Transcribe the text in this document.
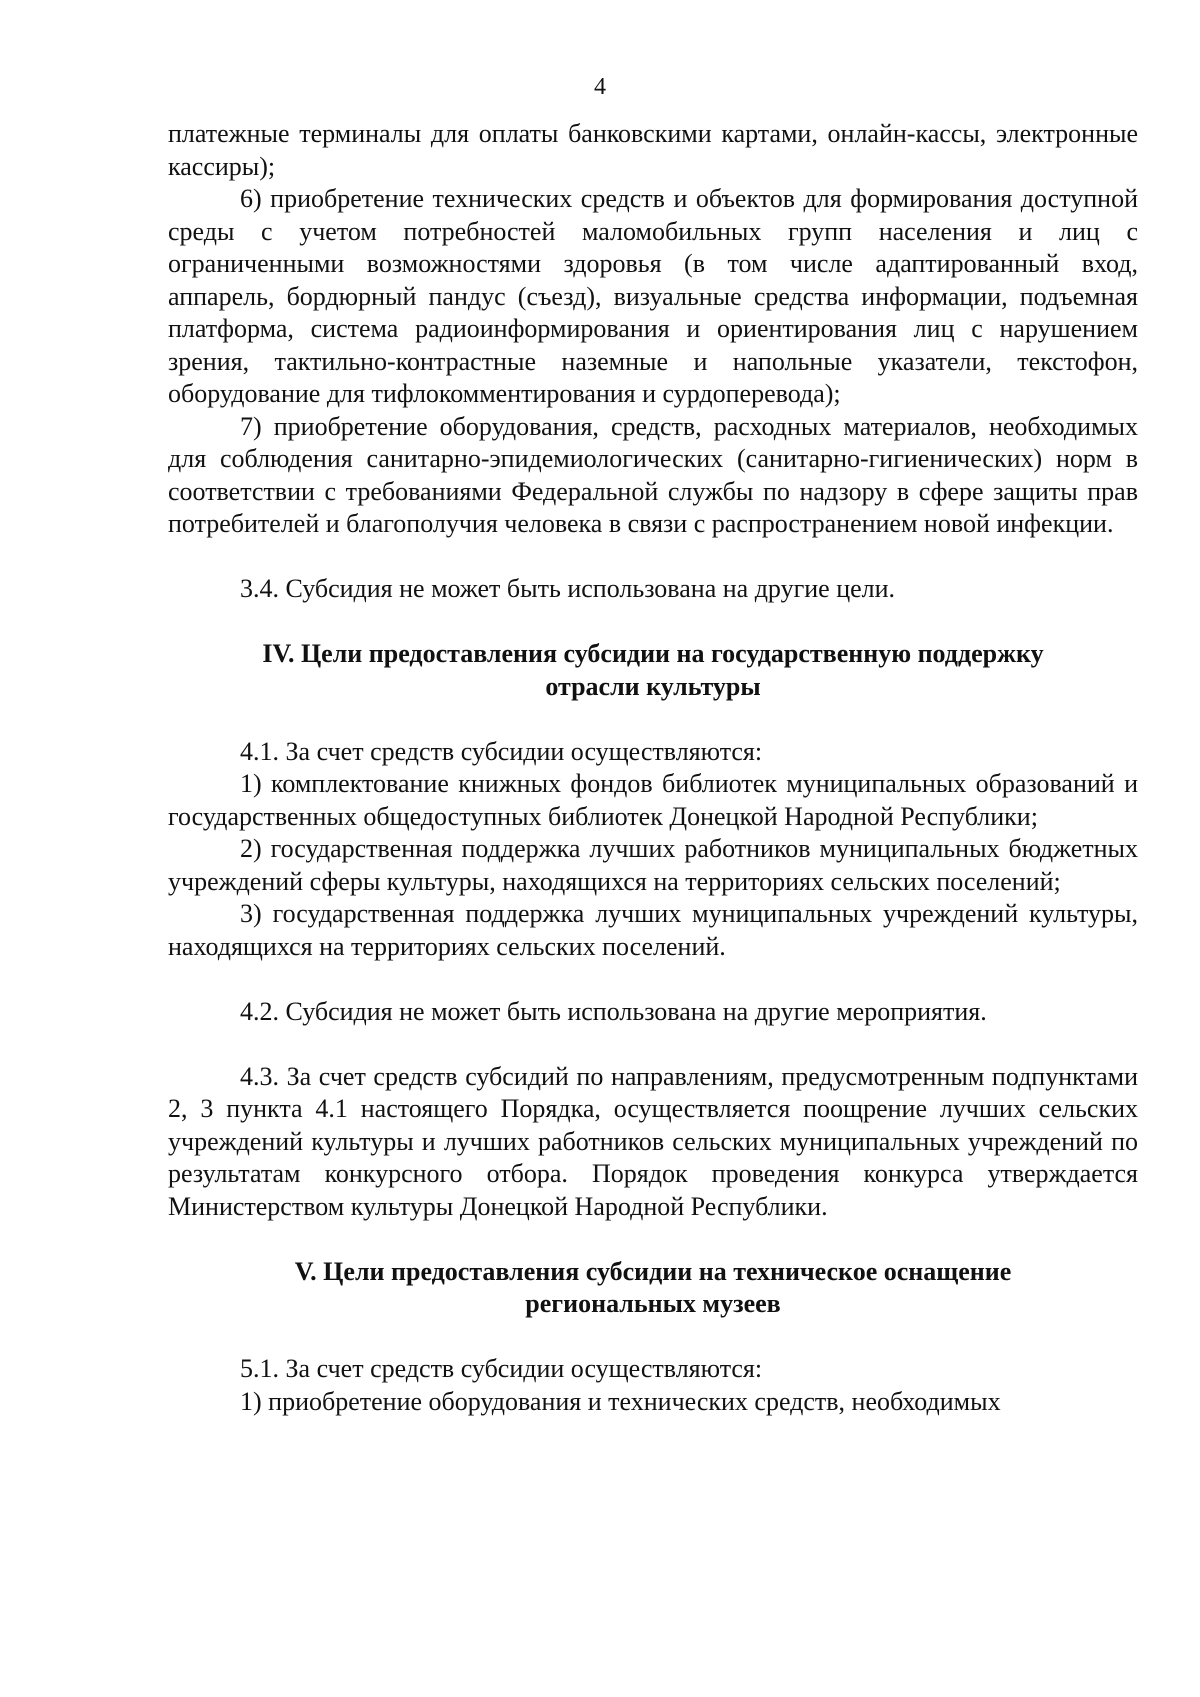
4

платежные терминалы для оплаты банковскими картами, онлайн-кассы, электронные кассиры);

6) приобретение технических средств и объектов для формирования доступной среды с учетом потребностей маломобильных групп населения и лиц с ограниченными возможностями здоровья (в том числе адаптированный вход, аппарель, бордюрный пандус (съезд), визуальные средства информации, подъемная платформа, система радиоинформирования и ориентирования лиц с нарушением зрения, тактильно-контрастные наземные и напольные указатели, текстофон, оборудование для тифлокомментирования и сурдоперевода);

7) приобретение оборудования, средств, расходных материалов, необходимых для соблюдения санитарно-эпидемиологических (санитарно-гигиенических) норм в соответствии с требованиями Федеральной службы по надзору в сфере защиты прав потребителей и благополучия человека в связи с распространением новой инфекции.

3.4. Субсидия не может быть использована на другие цели.

IV. Цели предоставления субсидии на государственную поддержку
отрасли культуры

4.1. За счет средств субсидии осуществляются:

1) комплектование книжных фондов библиотек муниципальных образований и государственных общедоступных библиотек Донецкой Народной Республики;

2) государственная поддержка лучших работников муниципальных бюджетных учреждений сферы культуры, находящихся на территориях сельских поселений;

3) государственная поддержка лучших муниципальных учреждений культуры, находящихся на территориях сельских поселений.

4.2. Субсидия не может быть использована на другие мероприятия.

4.3. За счет средств субсидий по направлениям, предусмотренным подпунктами 2, 3 пункта 4.1 настоящего Порядка, осуществляется поощрение лучших сельских учреждений культуры и лучших работников сельских муниципальных учреждений по результатам конкурсного отбора. Порядок проведения конкурса утверждается Министерством культуры Донецкой Народной Республики.

V. Цели предоставления субсидии на техническое оснащение
региональных музеев

5.1. За счет средств субсидии осуществляются:

1) приобретение оборудования и технических средств, необходимых
